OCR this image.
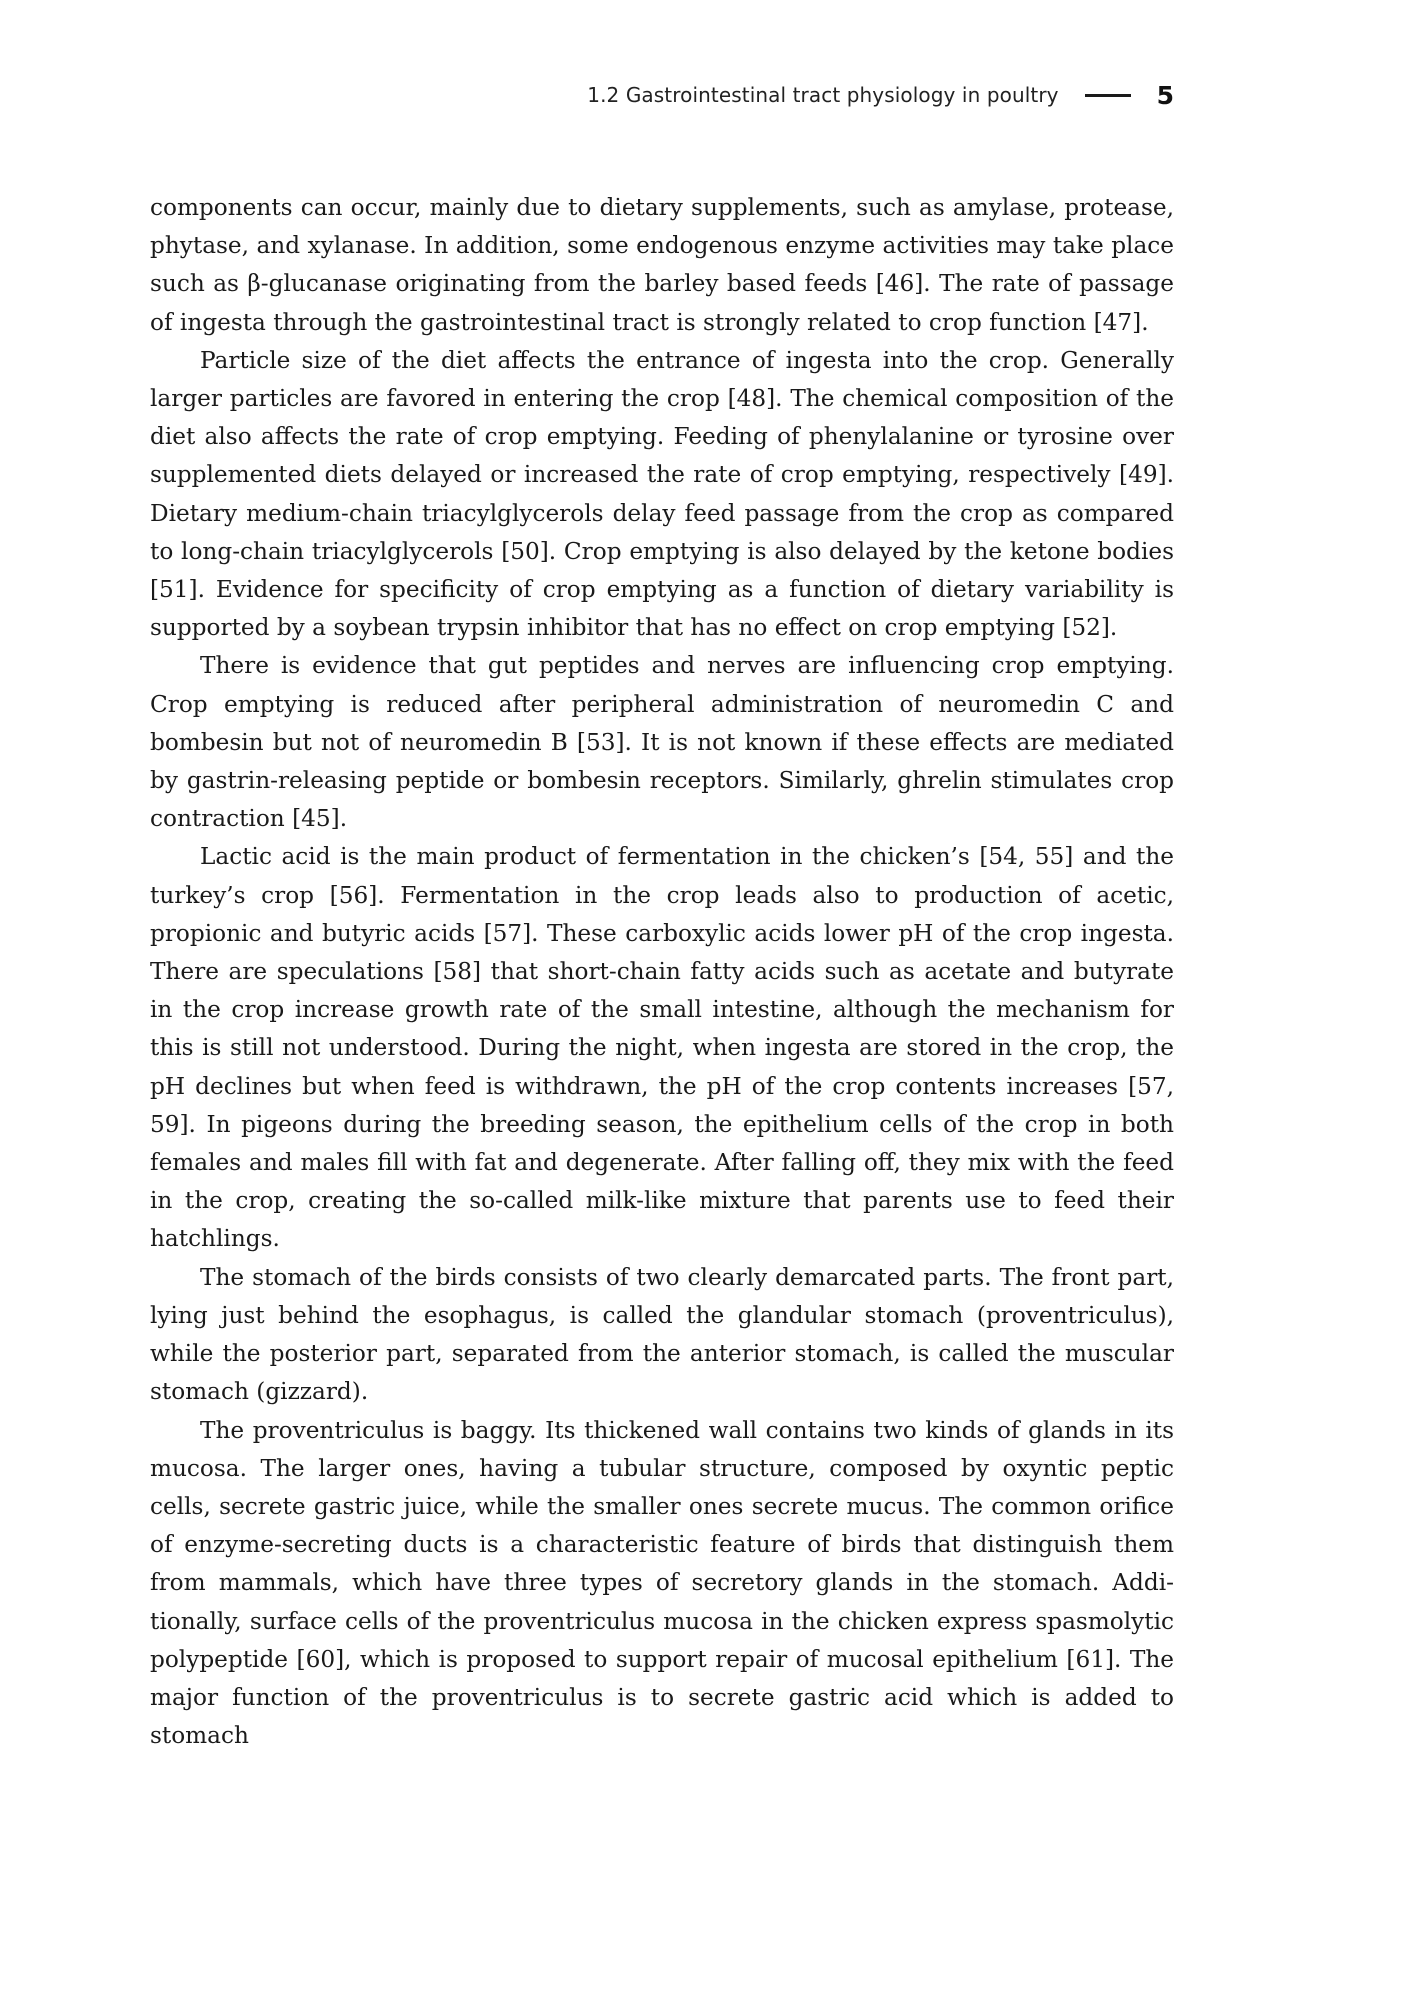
1.2 Gastrointestinal tract physiology in poultry	5

components can occur, mainly due to dietary supplements, such as amylase, protease, phytase, and xylanase. In addition, some endogenous enzyme activities may take place such as β-glucanase originating from the barley based feeds [46]. The rate of passage of ingesta through the gastrointestinal tract is strongly related to crop function [47].

Particle size of the diet affects the entrance of ingesta into the crop. Generally larger particles are favored in entering the crop [48]. The chemical composition of the diet also affects the rate of crop emptying. Feeding of phenylalanine or tyrosine over supplemented diets delayed or increased the rate of crop emptying, respectively [49]. Dietary medium-chain triacylglycerols delay feed passage from the crop as compared to long-chain triacylglycerols [50]. Crop emptying is also delayed by the ketone bodies [51]. Evidence for specificity of crop emptying as a function of dietary variability is supported by a soybean trypsin inhibitor that has no effect on crop emptying [52].

There is evidence that gut peptides and nerves are influencing crop emptying. Crop emptying is reduced after peripheral administration of neuromedin C and bombesin but not of neuromedin B [53]. It is not known if these effects are mediated by gastrin-releasing peptide or bombesin receptors. Similarly, ghrelin stimulates crop contraction [45].

Lactic acid is the main product of fermentation in the chicken’s [54, 55] and the turkey’s crop [56]. Fermentation in the crop leads also to production of acetic, propionic and butyric acids [57]. These carboxylic acids lower pH of the crop ingesta. There are speculations [58] that short-chain fatty acids such as acetate and butyrate in the crop increase growth rate of the small intestine, although the mechanism for this is still not understood. During the night, when ingesta are stored in the crop, the pH declines but when feed is withdrawn, the pH of the crop contents increases [57, 59]. In pigeons during the breeding season, the epithelium cells of the crop in both females and males fill with fat and degenerate. After falling off, they mix with the feed in the crop, creating the so-called milk-like mixture that parents use to feed their hatchlings.

The stomach of the birds consists of two clearly demarcated parts. The front part, lying just behind the esophagus, is called the glandular stomach (proventriculus), while the posterior part, separated from the anterior stomach, is called the muscular stomach (gizzard).

The proventriculus is baggy. Its thickened wall contains two kinds of glands in its mucosa. The larger ones, having a tubular structure, composed by oxyntic peptic cells, secrete gastric juice, while the smaller ones secrete mucus. The common orifice of enzyme-secreting ducts is a characteristic feature of birds that distinguish them from mammals, which have three types of secretory glands in the stomach. Additionally, surface cells of the proventriculus mucosa in the chicken express spasmolytic polypeptide [60], which is proposed to support repair of mucosal epithelium [61]. The major function of the proventriculus is to secrete gastric acid which is added to stomach
